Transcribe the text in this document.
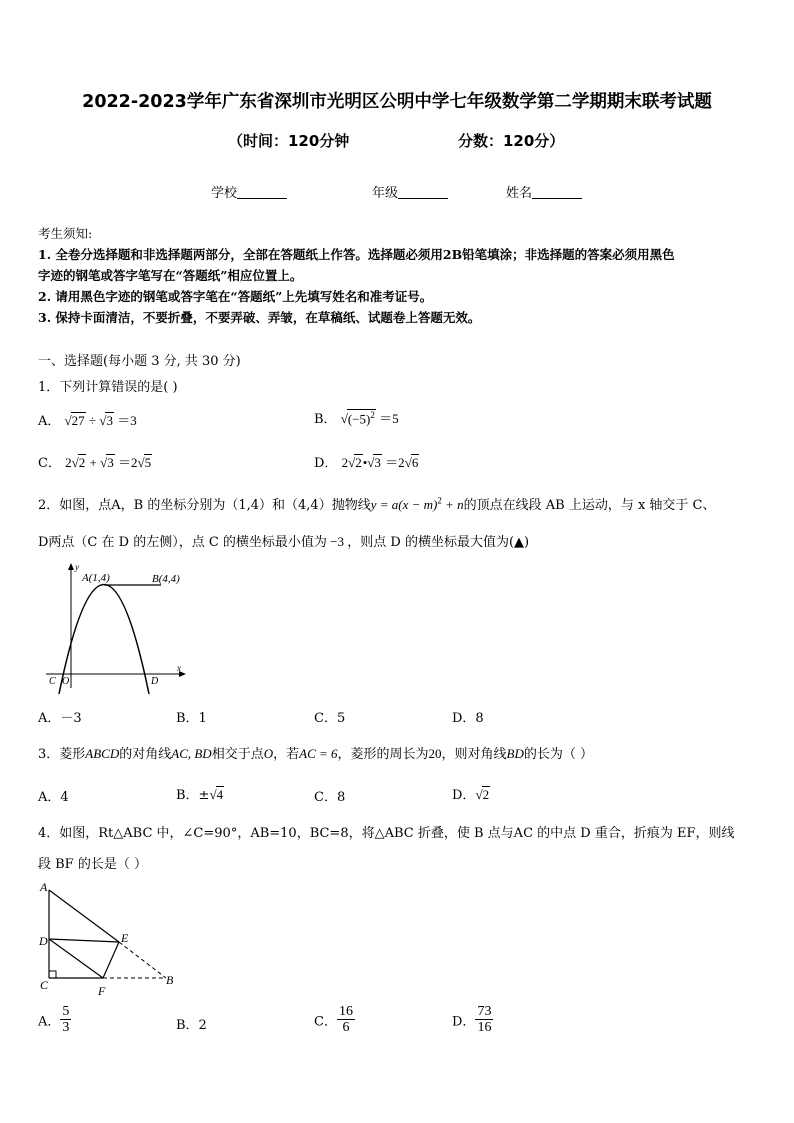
2022-2023学年广东省深圳市光明区公明中学七年级数学第二学期期末联考试题
（时间：120分钟	分数：120分）
学校	年级	姓名
考生须知:
1. 全卷分选择题和非选择题两部分，全部在答题纸上作答。选择题必须用2B铅笔填涂；非选择题的答案必须用黑色
字迹的钢笔或答字笔写在“答题纸”相应位置上。
2. 请用黑色字迹的钢笔或答字笔在“答题纸”上先填写姓名和准考证号。
3. 保持卡面清洁，不要折叠，不要弄破、弄皱，在草稿纸、试题卷上答题无效。
一、选择题(每小题 3 分, 共 30 分)
1．下列计算错误的是( )
A． √27 ÷ √3 ＝3	B． $√(-5)^2 =5$
C． 2√2 + √3 ＝2√5	D． 2√2•√3 ＝2√6
2．如图，点A，B 的坐标分别为（1,4）和（4,4）抛物线$y = a(x - m)^2 + n$的顶点在线段 AB 上运动，与 x 轴交于 C、
D两点（C 在 D 的左侧），点 C 的横坐标最小值为 −3 ，则点 D 的横坐标最大值为(▲)
A(1,4)	B(4,4)
C O	D
x
y
A．－3	B．1	C．5	D．8
3．菱形ABCD的对角线AC, BD相交于点O，若AC = 6，菱形的周长为20，则对角线BD的长为（ ）
A．4	B．±√4	C．8	D．√2
4．如图，Rt△ABC 中，∠C=90°，AB=10，BC=8，将△ABC 折叠，使 B 点与AC 的中点 D 重合，折痕为 EF，则线
段 BF 的长是（ ）
A
D	E
C	F
B
A． $\frac{5}{3}$	B．2	C． $\frac{16}{6}$	D． $\frac{73}{16}$
